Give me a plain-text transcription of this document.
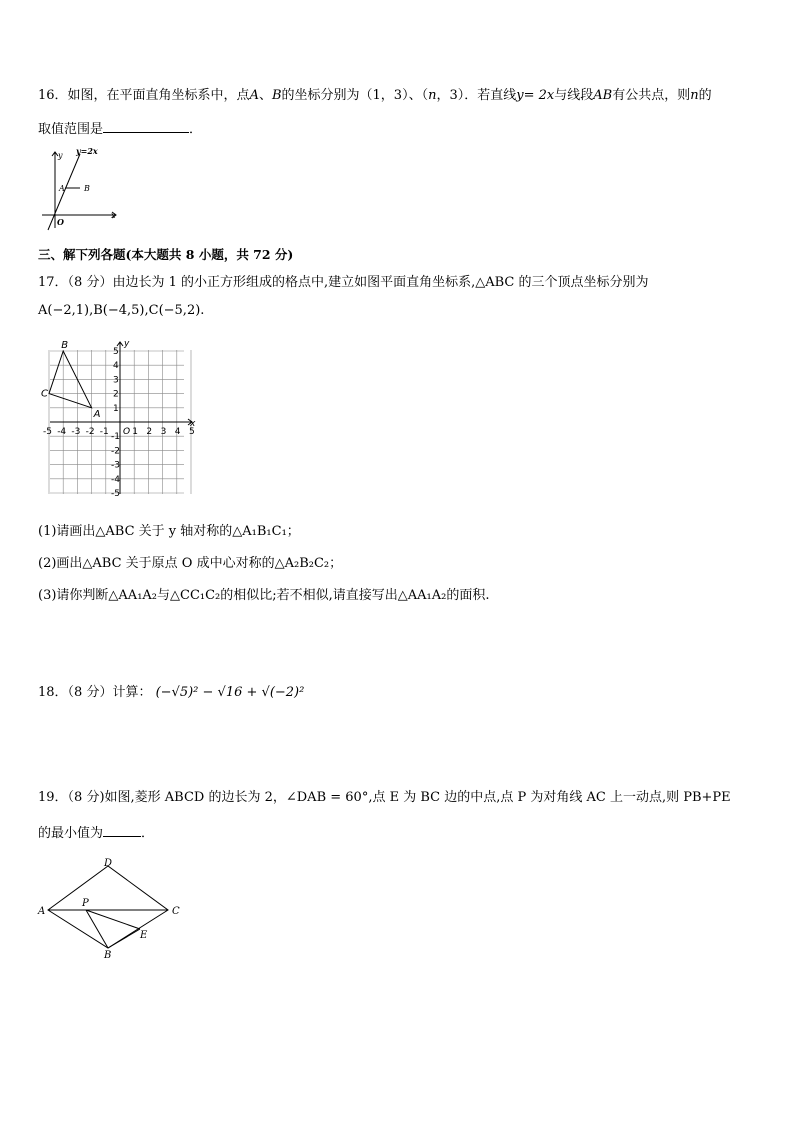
16．如图，在平面直角坐标系中，点A、B的坐标分别为（1，3）、（n，3）．若直线y= 2x与线段AB有公共点，则n的
取值范围是	．
y y=2x
A B
O
x
三、解下列各题(本大题共 8 小题，共 72 分)
17．（8 分）由边长为 1 的小正方形组成的格点中,建立如图平面直角坐标系,△ABC 的三个顶点坐标分别为
A(−2,1),B(−4,5),C(−5,2).
-5 -4 -3 -2 -1	1 2 3 4 5
5
4
3
2
1
-1
-2
-3
-4
-5
O
x
y
A
B
C
(1)请画出△ABC 关于 y 轴对称的△A₁B₁C₁；
(2)画出△ABC 关于原点 O 成中心对称的△A₂B₂C₂；
(3)请你判断△AA₁A₂与△CC₁C₂的相似比;若不相似,请直接写出△AA₁A₂的面积.
18．（8 分）计算： (−√5)² − √16 + √(−2)²
19．（8 分)如图,菱形 ABCD 的边长为 2，∠DAB = 60°,点 E 为 BC 边的中点,点 P 为对角线 AC 上一动点,则 PB+PE
的最小值为	．
D
A
P
C
E
B
